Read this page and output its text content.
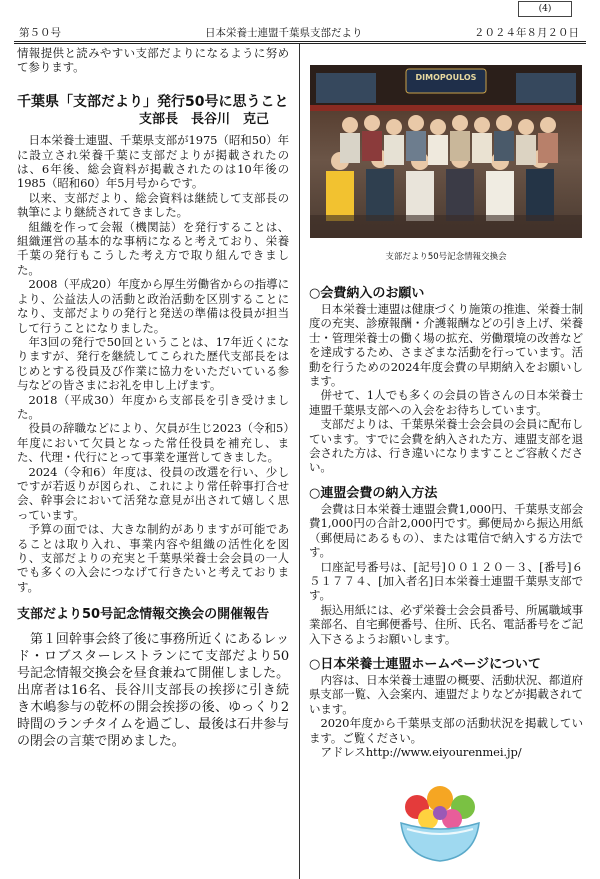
(4)
第５０号	日本栄養士連盟千葉県支部だより	２０２４年８月２０日

情報提供と読みやすい支部だよりになるように努めて参ります。

千葉県「支部だより」発行50号に思うこと
支部長　長谷川　克己

日本栄養士連盟、千葉県支部が1975（昭和50）年に設立され栄養千葉に支部だよりが掲載されたのは、6年後、総会資料が掲載されたのは10年後の1985（昭和60）年5月号からです。

以来、支部だより、総会資料は継続して支部長の執筆により継続されてきました。

組織を作って会報（機関誌）を発行することは、組織運営の基本的な事柄になると考えており、栄養千葉の発行もこうした考え方で取り組んできました。

2008（平成20）年度から厚生労働省からの指導により、公益法人の活動と政治活動を区別することになり、支部だよりの発行と発送の準備は役員が担当して行うことになりました。

年3回の発行で50回ということは、17年近くになりますが、発行を継続してこられた歴代支部長をはじめとする役員及び作業に協力をいただいている参与などの皆さまにお礼を申し上げます。

2018（平成30）年度から支部長を引き受けました。

役員の辞職などにより、欠員が生じ2023（令和5）年度において欠員となった常任役員を補充し、また、代理・代行にとって事業を運営してきました。

2024（令和6）年度は、役員の改選を行い、少しですが若返りが図られ、これにより常任幹事打合せ会、幹事会において活発な意見が出されて嬉しく思っています。

予算の面では、大きな制約がありますが可能であることは取り入れ、事業内容や組織の活性化を図り、支部だよりの充実と千葉県栄養士会会員の一人でも多くの入会につなげて行きたいと考えております。

支部だより50号記念情報交換会の開催報告

第１回幹事会終了後に事務所近くにあるレッド・ロブスターレストランにて支部だより50号記念情報交換会を昼食兼ねて開催しました。出席者は16名、長谷川支部長の挨拶に引き続き木嶋参与の乾杯の開会挨拶の後、ゆっくり2時間のランチタイムを過ごし、最後は石井参与の閉会の言葉で閉めました。

DIMOPOULOS
支部だより50号記念情報交換会
○会費納入のお願い

日本栄養士連盟は健康づくり施策の推進、栄養士制度の充実、診療報酬・介護報酬などの引き上げ、栄養士・管理栄養士の働く場の拡充、労働環境の改善などを達成するため、さまざまな活動を行っています。活動を行うための2024年度会費の早期納入をお願いします。

併せて、1人でも多くの会員の皆さんの日本栄養士連盟千葉県支部への入会をお待ちしています。

支部だよりは、千葉県栄養士会会員の会員に配布しています。すでに会費を納入された方、連盟支部を退会された方は、行き違いになりますことご容赦ください。

○連盟会費の納入方法

会費は日本栄養士連盟会費1,000円、千葉県支部会費1,000円の合計2,000円です。郵便局から振込用紙（郵便局にあるもの）、または電信で納入する方法です。

口座記号番号は、[記号]００１２０－３、[番号]６５１７７４、[加入者名]日本栄養士連盟千葉県支部です。

振込用紙には、必ず栄養士会会員番号、所属職域事業部名、自宅郵便番号、住所、氏名、電話番号をご記入下さるようお願いします。

○日本栄養士連盟ホームページについて

内容は、日本栄養士連盟の概要、活動状況、都道府県支部一覧、入会案内、連盟だよりなどが掲載されています。

2020年度から千葉県支部の活動状況を掲載しています。ご覧ください。

アドレスhttp://www.eiyourenmei.jp/
